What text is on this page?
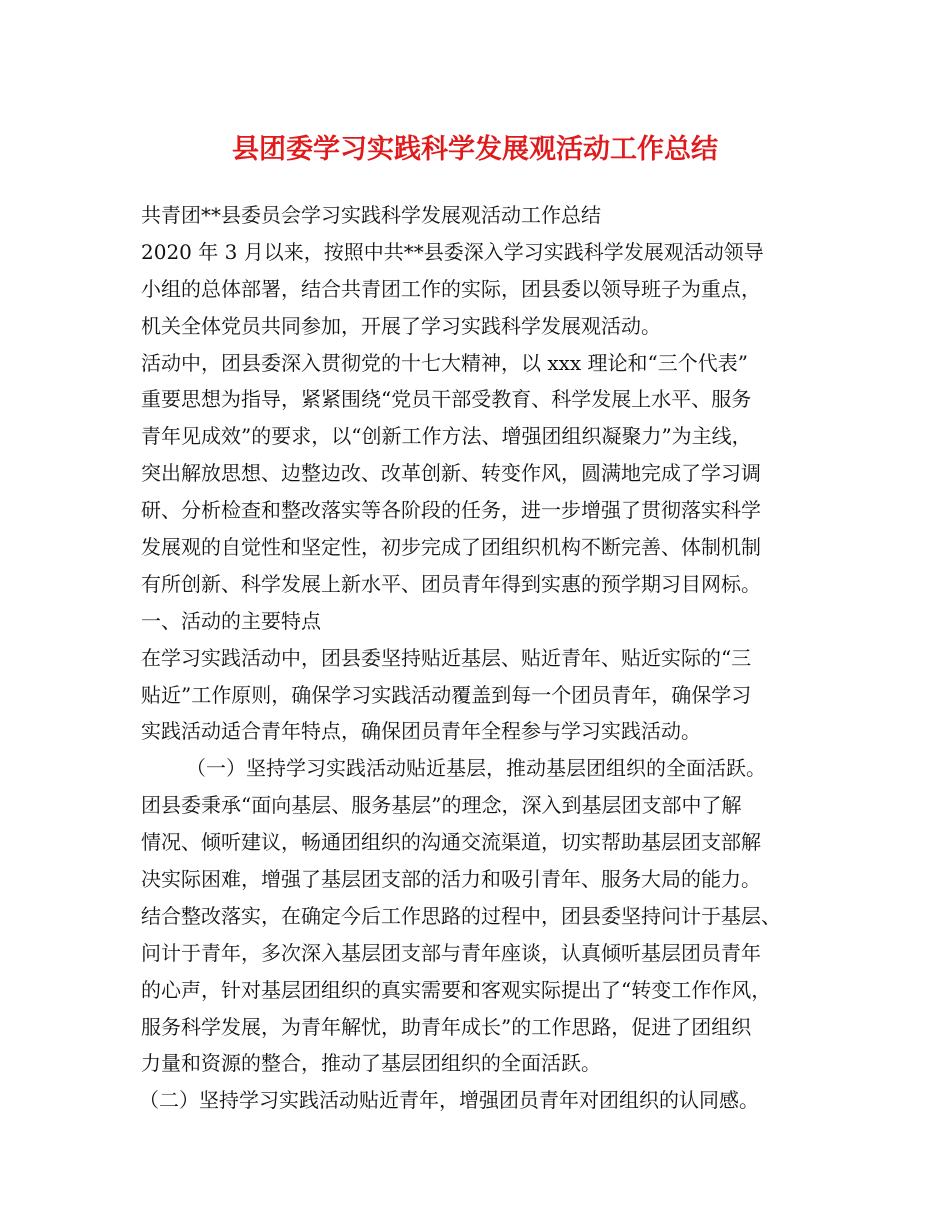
县团委学习实践科学发展观活动工作总结
共青团**县委员会学习实践科学发展观活动工作总结
2020 年 3 月以来，按照中共**县委深入学习实践科学发展观活动领导
小组的总体部署，结合共青团工作的实际，团县委以领导班子为重点，
机关全体党员共同参加，开展了学习实践科学发展观活动。
活动中，团县委深入贯彻党的十七大精神，以 xxx 理论和“三个代表”
重要思想为指导，紧紧围绕“党员干部受教育、科学发展上水平、服务
青年见成效”的要求，以“创新工作方法、增强团组织凝聚力”为主线，
突出解放思想、边整边改、改革创新、转变作风，圆满地完成了学习调
研、分析检查和整改落实等各阶段的任务，进一步增强了贯彻落实科学
发展观的自觉性和坚定性，初步完成了团组织机构不断完善、体制机制
有所创新、科学发展上新水平、团员青年得到实惠的预学期习目网标。
一、活动的主要特点
在学习实践活动中，团县委坚持贴近基层、贴近青年、贴近实际的“三
贴近”工作原则，确保学习实践活动覆盖到每一个团员青年，确保学习
实践活动适合青年特点，确保团员青年全程参与学习实践活动。
（一）坚持学习实践活动贴近基层，推动基层团组织的全面活跃。
团县委秉承“面向基层、服务基层”的理念，深入到基层团支部中了解
情况、倾听建议，畅通团组织的沟通交流渠道，切实帮助基层团支部解
决实际困难，增强了基层团支部的活力和吸引青年、服务大局的能力。
结合整改落实，在确定今后工作思路的过程中，团县委坚持问计于基层、
问计于青年，多次深入基层团支部与青年座谈，认真倾听基层团员青年
的心声，针对基层团组织的真实需要和客观实际提出了“转变工作作风，
服务科学发展，为青年解忧，助青年成长”的工作思路，促进了团组织
力量和资源的整合，推动了基层团组织的全面活跃。
（二）坚持学习实践活动贴近青年，增强团员青年对团组织的认同感。
